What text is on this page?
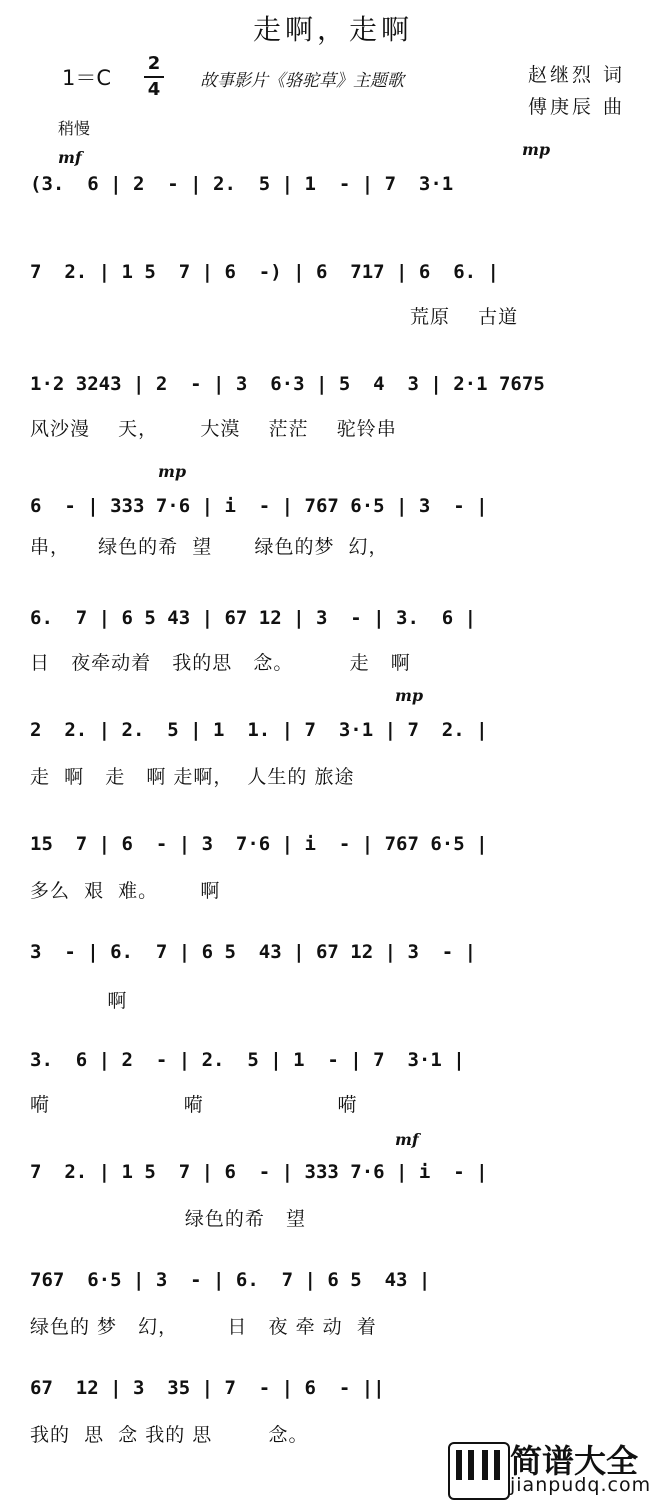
走啊，走啊
1＝C
2
4 故事影片《骆驼草》主题歌	赵继烈 词
傅庚辰 曲
稍慢
mf	mp
mp
mp
mf
(3.  6 | 2  - | 2.  5 | 1  - | 7  3·1
7  2. | 1 5  7 | 6  -) | 6  717 | 6  6. |
荒原    古道
1·2 3243 | 2  - | 3  6·3 | 5  4  3 | 2·1 7675
风沙漫    天，      大漠    茫茫    驼铃串
6  - | 333 7·6 | i  - | 767 6·5 | 3  - |
串，    绿色的希  望      绿色的梦  幻，
6.  7 | 6 5 43 | 67 12 | 3  - | 3.  6 |
日   夜牵动着   我的思   念。        走   啊
2  2. | 2.  5 | 1  1. | 7  3·1 | 7  2. |
走  啊   走   啊 走啊，  人生的 旅途
15  7 | 6  - | 3  7·6 | i  - | 767 6·5 |
多么  艰  难。      啊
3  - | 6.  7 | 6 5  43 | 67 12 | 3  - |
啊
3.  6 | 2  - | 2.  5 | 1  - | 7  3·1 |
嗬                   嗬                   嗬
7  2. | 1 5  7 | 6  - | 333 7·6 | i  - |
绿色的希   望
767  6·5 | 3  - | 6.  7 | 6 5  43 |
绿色的 梦   幻，       日   夜 牵 动  着
67  12 | 3  35 | 7  - | 6  - ||
我的  思  念 我的 思        念。
简谱大全
jianpudq.com
